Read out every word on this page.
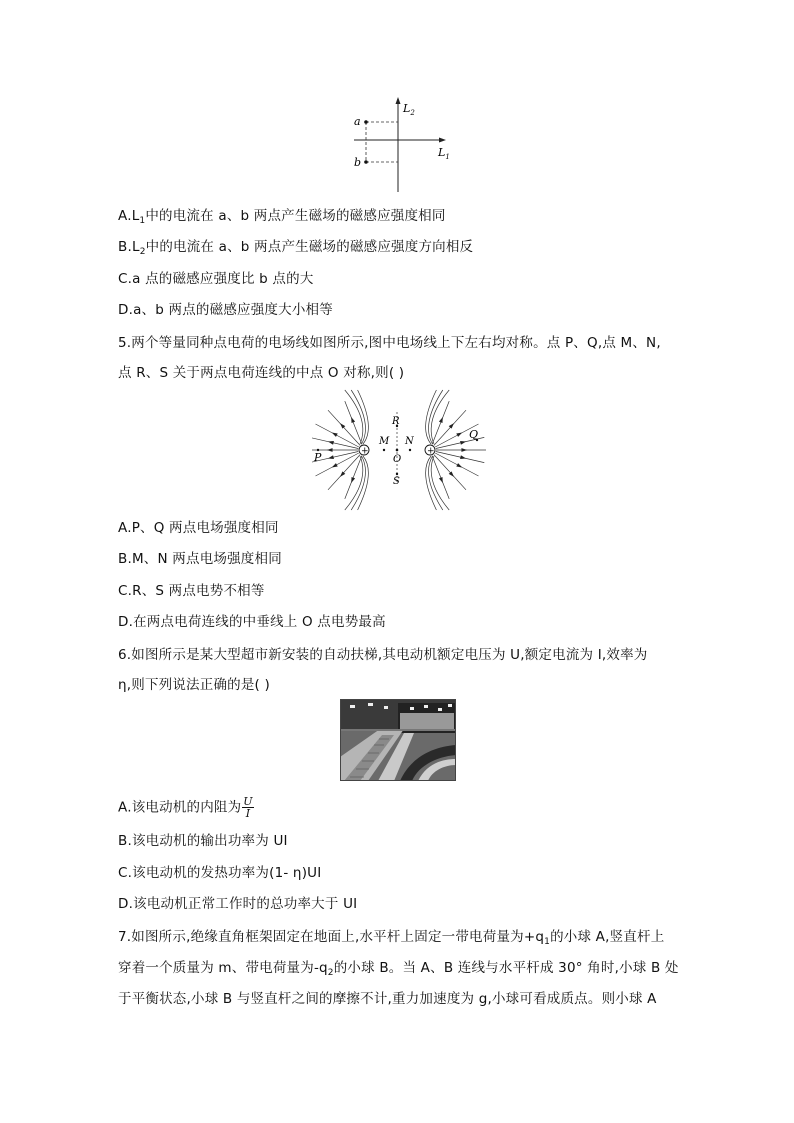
a
b
$L_2$
$L_1$
$A.L_1$中的电流在 a、b 两点产生磁场的磁感应强度相同
$B.L_2$中的电流在 a、b 两点产生磁场的磁感应强度方向相反
C.a 点的磁感应强度比 b 点的大
D.a、b 两点的磁感应强度大小相等
5.两个等量同种点电荷的电场线如图所示,图中电场线上下左右均对称。点 P、Q,点 M、N,
点 R、S 关于两点电荷连线的中点 O 对称,则( )
+	+
P
Q
M N
R
S
O
A.P、Q 两点电场强度相同
B.M、N 两点电场强度相同
C.R、S 两点电势不相等
D.在两点电荷连线的中垂线上 O 点电势最高
6.如图所示是某大型超市新安装的自动扶梯,其电动机额定电压为 U,额定电流为 I,效率为
η,则下列说法正确的是( )
A.该电动机的内阻为 $\frac{U}{I}$
B.该电动机的输出功率为 UI
C.该电动机的发热功率为(1- η)UI
D.该电动机正常工作时的总功率大于 UI
7.如图所示,绝缘直角框架固定在地面上,水平杆上固定一带电荷量为$+q_1$的小球 A,竖直杆上
穿着一个质量为 m、带电荷量为$-q_2$的小球 B。当 A、B 连线与水平杆成 30° 角时,小球 B 处
于平衡状态,小球 B 与竖直杆之间的摩擦不计,重力加速度为 g,小球可看成质点。则小球 A
